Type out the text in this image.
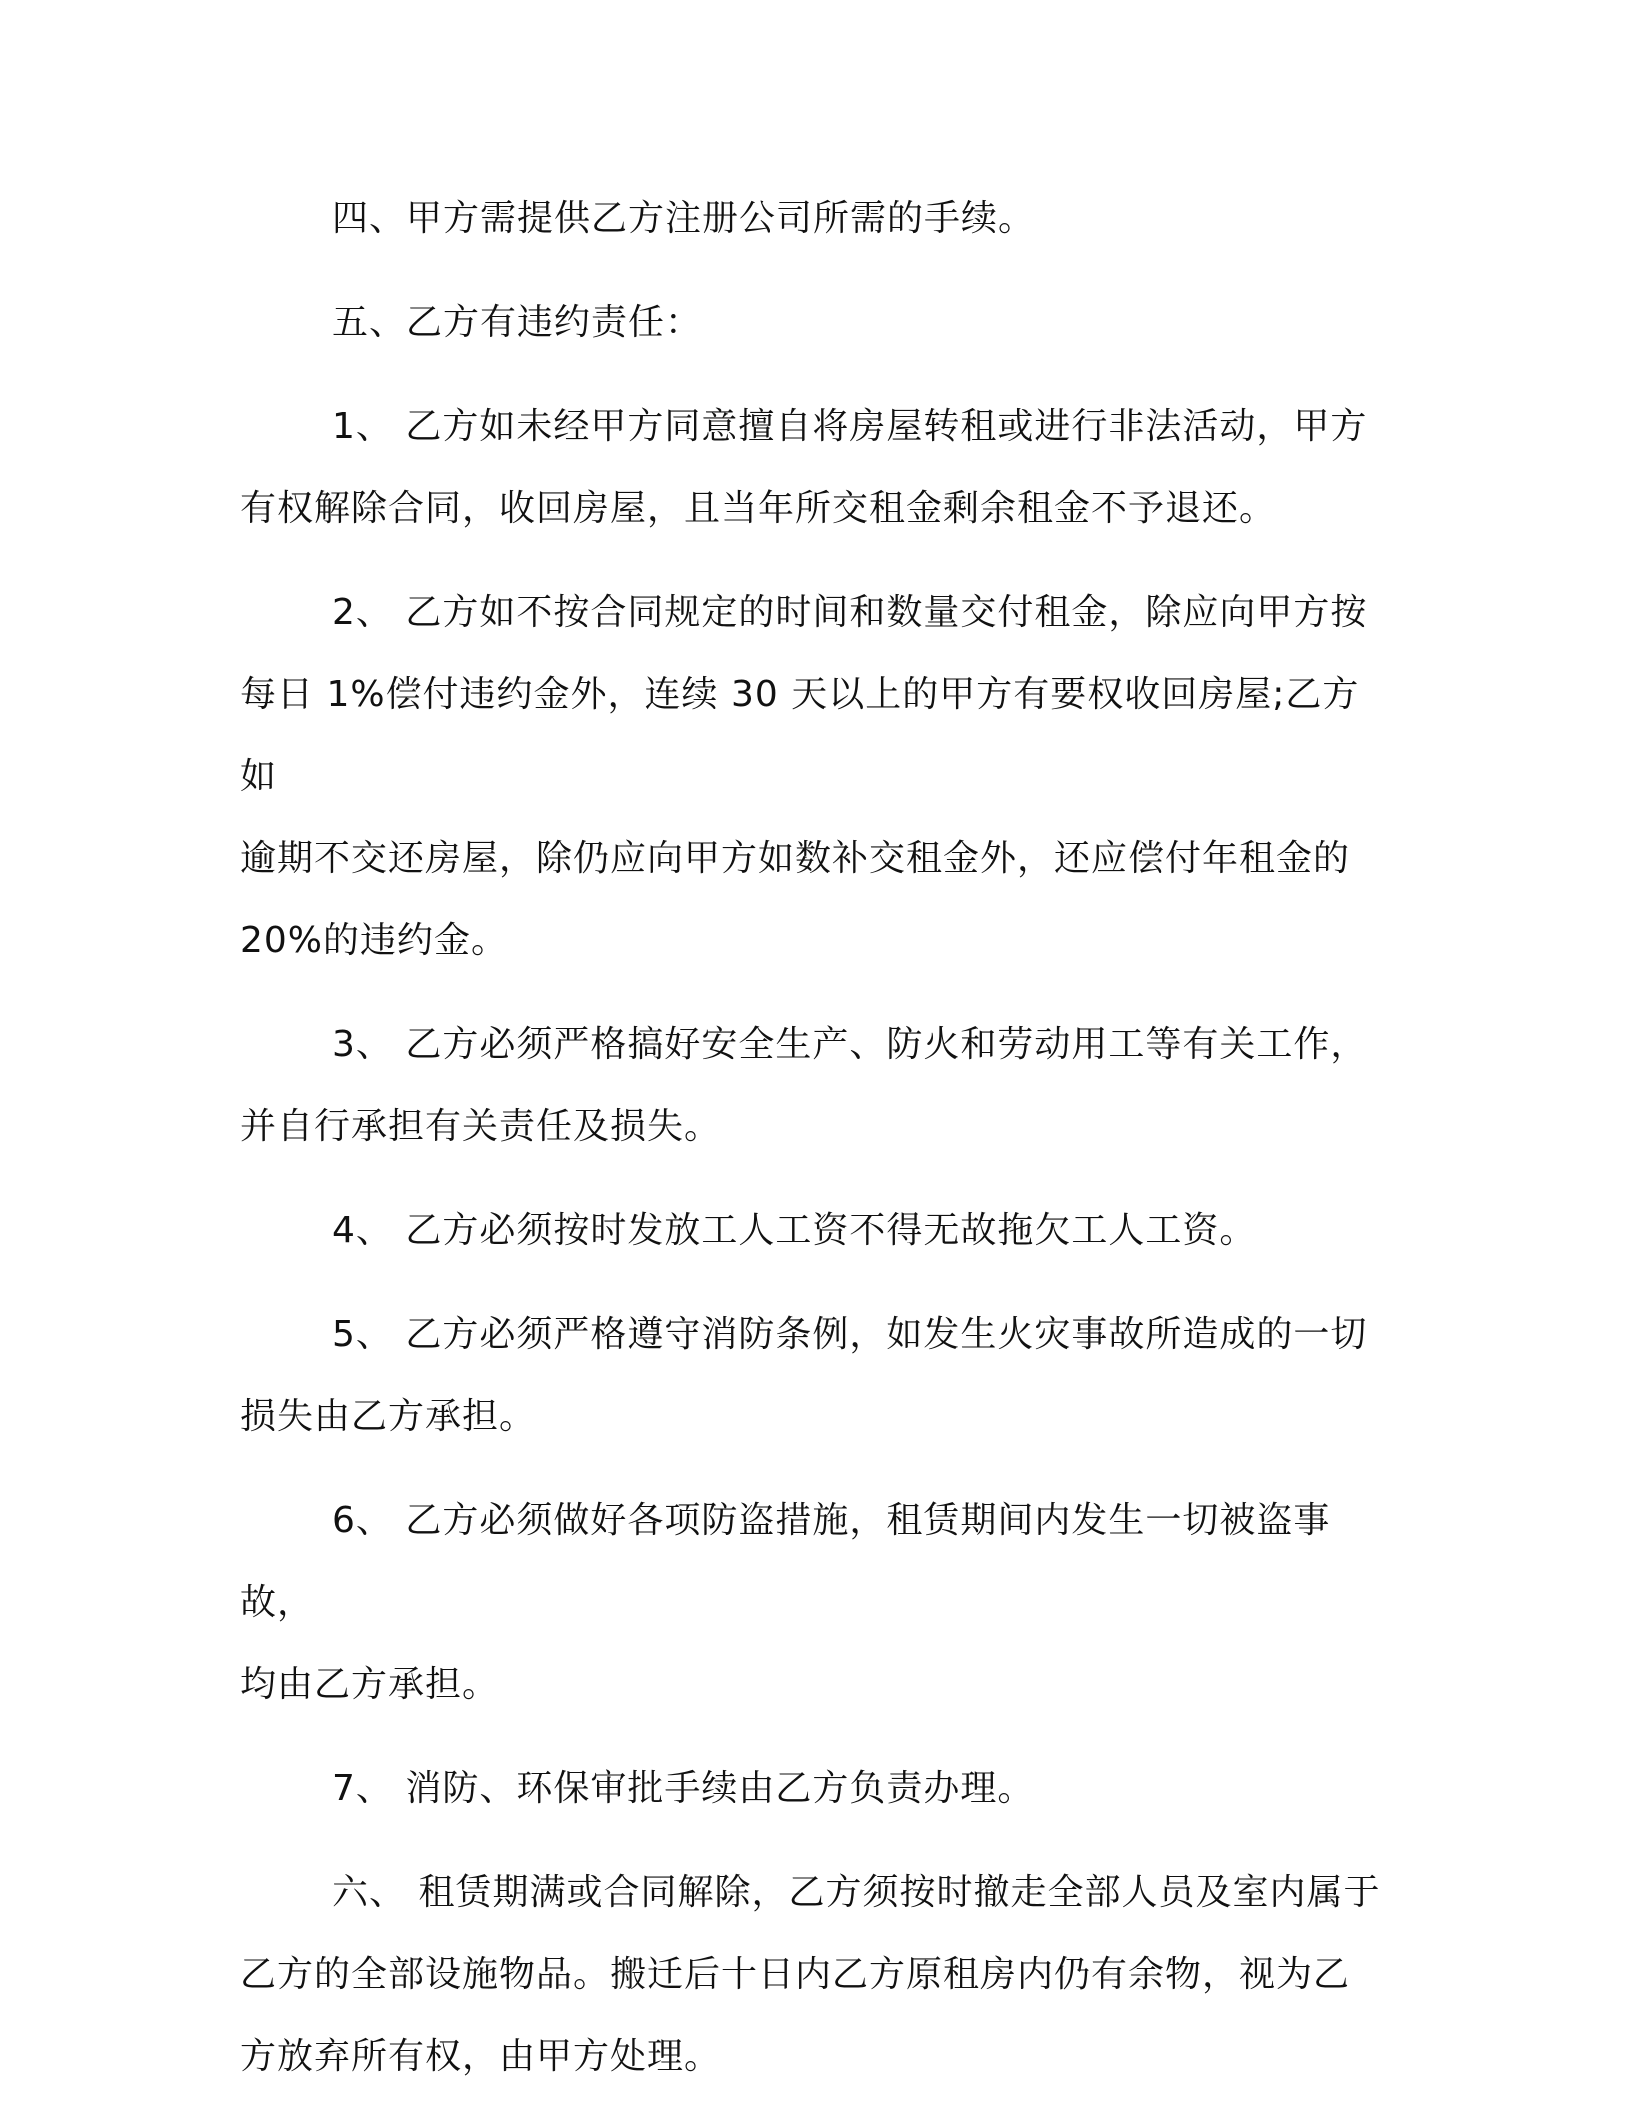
四、甲方需提供乙方注册公司所需的手续。

五、乙方有违约责任：

1、 乙方如未经甲方同意擅自将房屋转租或进行非法活动，甲方
有权解除合同，收回房屋，且当年所交租金剩余租金不予退还。

2、 乙方如不按合同规定的时间和数量交付租金，除应向甲方按
每日 1%偿付违约金外，连续 30 天以上的甲方有要权收回房屋;乙方如
逾期不交还房屋，除仍应向甲方如数补交租金外，还应偿付年租金的
20%的违约金。

3、 乙方必须严格搞好安全生产、防火和劳动用工等有关工作，
并自行承担有关责任及损失。

4、 乙方必须按时发放工人工资不得无故拖欠工人工资。

5、 乙方必须严格遵守消防条例，如发生火灾事故所造成的一切
损失由乙方承担。

6、 乙方必须做好各项防盗措施，租赁期间内发生一切被盗事故，
均由乙方承担。

7、 消防、环保审批手续由乙方负责办理。

六、 租赁期满或合同解除，乙方须按时撤走全部人员及室内属于
乙方的全部设施物品。搬迁后十日内乙方原租房内仍有余物，视为乙
方放弃所有权，由甲方处理。
